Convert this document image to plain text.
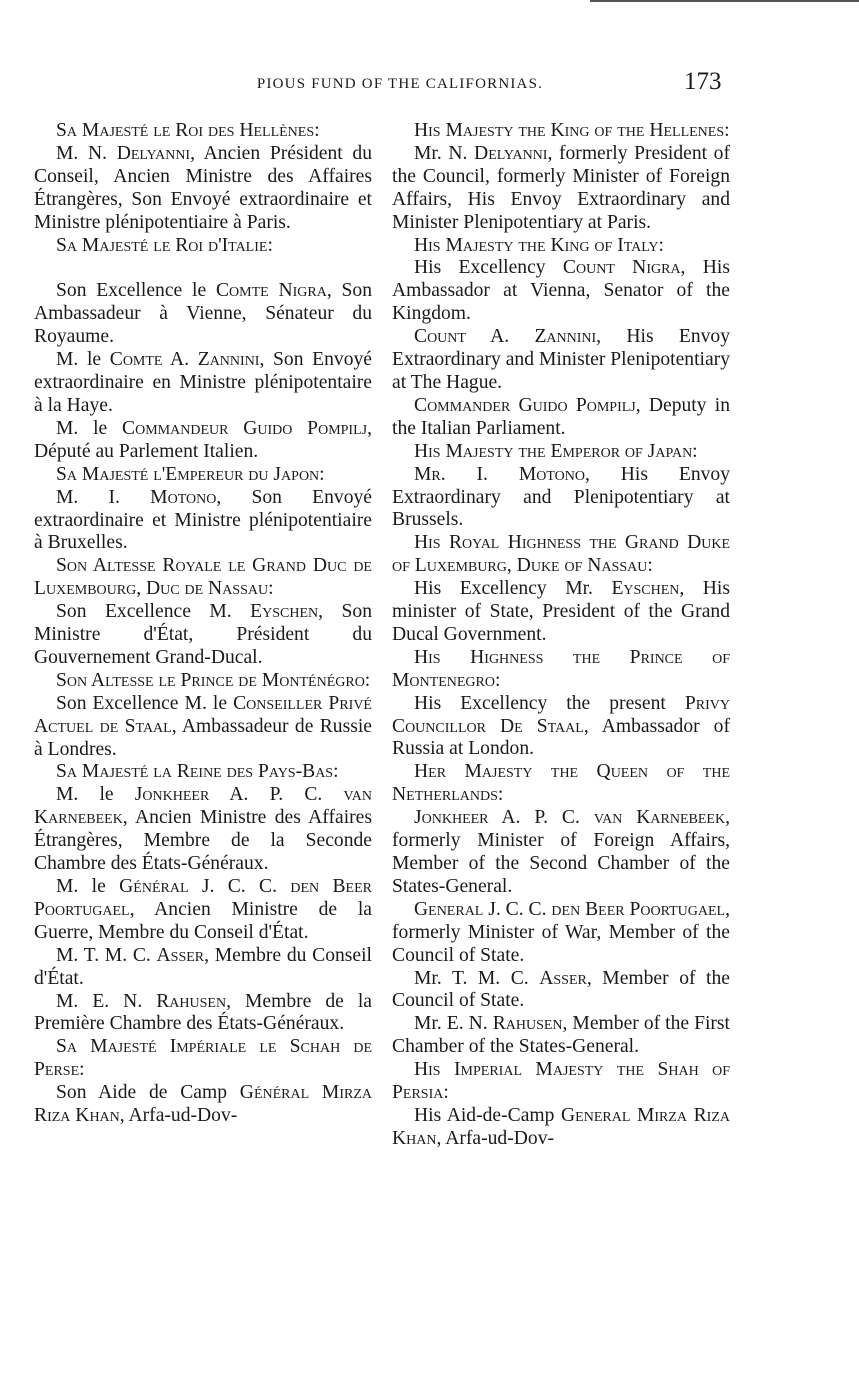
PIOUS FUND OF THE CALIFORNIAS.	173

Sa Majesté le Roi des Hellènes:

M. N. Delyanni, Ancien Président du Conseil, Ancien Ministre des Affaires Étrangères, Son Envoyé extraordinaire et Ministre plénipotentiaire à Paris.

Sa Majesté le Roi d'Italie:

Son Excellence le Comte Nigra, Son Ambassadeur à Vienne, Sénateur du Royaume.

M. le Comte A. Zannini, Son Envoyé extraordinaire en Ministre plénipotentaire à la Haye.

M. le Commandeur Guido Pompilj, Député au Parlement Italien.

Sa Majesté l'Empereur du Japon:

M. I. Motono, Son Envoyé extraordinaire et Ministre plénipotentiaire à Bruxelles.

Son Altesse Royale le Grand Duc de Luxembourg, Duc de Nassau:

Son Excellence M. Eyschen, Son Ministre d'État, Président du Gouvernement Grand-Ducal.

Son Altesse le Prince de Monténégro:

Son Excellence M. le Conseiller Privé Actuel de Staal, Ambassadeur de Russie à Londres.

Sa Majesté la Reine des Pays-Bas:

M. le Jonkheer A. P. C. van Karnebeek, Ancien Ministre des Affaires Étrangères, Membre de la Seconde Chambre des États-Généraux.

M. le Général J. C. C. den Beer Poortugael, Ancien Ministre de la Guerre, Membre du Conseil d'État.

M. T. M. C. Asser, Membre du Conseil d'État.

M. E. N. Rahusen, Membre de la Première Chambre des États-Généraux.

Sa Majesté Impériale le Schah de Perse:

Son Aide de Camp Général Mirza Riza Khan, Arfa-ud-Dov-

His Majesty the King of the Hellenes:

Mr. N. Delyanni, formerly President of the Council, formerly Minister of Foreign Affairs, His Envoy Extraordinary and Minister Plenipotentiary at Paris.

His Majesty the King of Italy:

His Excellency Count Nigra, His Ambassador at Vienna, Senator of the Kingdom.

Count A. Zannini, His Envoy Extraordinary and Minister Plenipotentiary at The Hague.

Commander Guido Pompilj, Deputy in the Italian Parliament.

His Majesty the Emperor of Japan:

Mr. I. Motono, His Envoy Extraordinary and Plenipotentiary at Brussels.

His Royal Highness the Grand Duke of Luxemburg, Duke of Nassau:

His Excellency Mr. Eyschen, His minister of State, President of the Grand Ducal Government.

His Highness the Prince of Montenegro:

His Excellency the present Privy Councillor De Staal, Ambassador of Russia at London.

Her Majesty the Queen of the Netherlands:

Jonkheer A. P. C. van Karnebeek, formerly Minister of Foreign Affairs, Member of the Second Chamber of the States-General.

General J. C. C. den Beer Poortugael, formerly Minister of War, Member of the Council of State.

Mr. T. M. C. Asser, Member of the Council of State.

Mr. E. N. Rahusen, Member of the First Chamber of the States-General.

His Imperial Majesty the Shah of Persia:

His Aid-de-Camp General Mirza Riza Khan, Arfa-ud-Dov-
